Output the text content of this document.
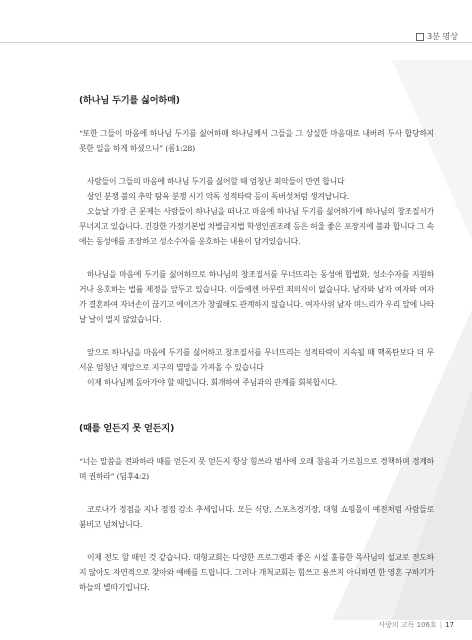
3분 명상
(하나님 두기를 싫어하매)

“또한 그들이 마음에 하나님 두기를 싫어하매 하나님께서 그들을 그 상실한 마음대로 내버려 두사 합당하지 못한 일을 하게 하셨으니” (롬1:28)

사람들이 그들의 마음에 하나님 두기를 싫어할 때 엄청난 죄악들이 만연 합니다

살인 분쟁 불의 추악 탐욕 분쟁 시기 악독 성적타락 등이 독버섯처럼 생겨납니다.

오늘날 가장 큰 문제는 사람들이 하나님을 떠나고 마음에 하나님 두기를 싫어하기에 하나님의 창조질서가 무너지고 있습니다. 건강한 가정기본법 차별금지법 학생인권조례 등은 허울 좋은 포장지에 불과 합니다 그 속에는 동성애를 조장하고 성소수자를 옹호하는 내용이 담겨있습니다.

하나님을 마음에 두기를 싫어하므로 하나님의 창조질서를 무너뜨리는 동성애 합법화, 성소수자를 지원하거나 옹호하는 법률 제정을 앞두고 있습니다. 이들에겐 아무런 죄의식이 없습니다. 남자와 남자 여자와 여자가 결혼하여 자녀손이 끊기고 에이즈가 창궐해도 관계하지 않습니다. 여자사위 남자 며느리가 우리 앞에 나타날 날이 멀지 않았습니다.

앞으로 하나님을 마음에 두기를 싫어하고 창조질서를 무너뜨리는 성적타락이 지속될 때 핵폭탄보다 더 무서운 엄청난 재앙으로 지구의 멸망을 가져올 수 있습니다

이제 하나님께 돌아가야 할 때입니다. 회개하여 주님과의 관계를 회복합시다.

(때를 얻든지 못 얻든지)

“너는 말씀을 전파하라 때를 얻든지 못 얻든지 항상 힘쓰라 범사에 오래 참음과 가르침으로 경책하며 경계하며 권하라” (딤후4:2)

코로나가 정점을 지나 점점 감소 추세입니다. 모든 식당, 스포츠경기장, 대형 쇼핑몰이 예전처럼 사람들로 붐비고 넘쳐납니다.

이제 전도 할 때인 것 같습니다. 대형교회는 다양한 프로그램과 좋은 시설 훌륭한 목사님의 설교로 전도하지 않아도 자연적으로 찾아와 예배를 드립니다. 그러나 개척교회는 힘쓰고 용쓰지 아니하면 한 영혼 구하기가 하늘의 별따기입니다.

사랑의 고독 106호 | 17
